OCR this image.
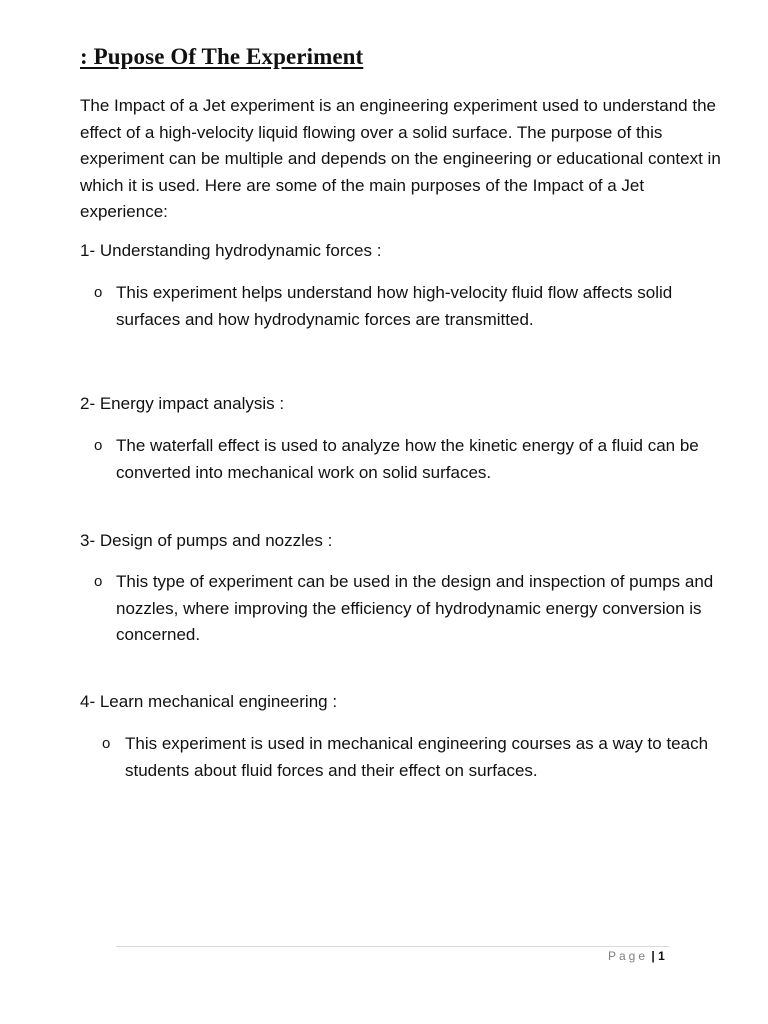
: Pupose Of The Experiment

The Impact of a Jet experiment is an engineering experiment used to understand the effect of a high-velocity liquid flowing over a solid surface. The purpose of this experiment can be multiple and depends on the engineering or educational context in which it is used. Here are some of the main purposes of the Impact of a Jet experience:

1- Understanding hydrodynamic forces :
o This experiment helps understand how high-velocity fluid flow affects solid surfaces and how hydrodynamic forces are transmitted.
2- Energy impact analysis :
o The waterfall effect is used to analyze how the kinetic energy of a fluid can be converted into mechanical work on solid surfaces.
3- Design of pumps and nozzles :
o This type of experiment can be used in the design and inspection of pumps and nozzles, where improving the efficiency of hydrodynamic energy conversion is concerned.
4- Learn mechanical engineering :
o This experiment is used in mechanical engineering courses as a way to teach students about fluid forces and their effect on surfaces.
Page | 1
